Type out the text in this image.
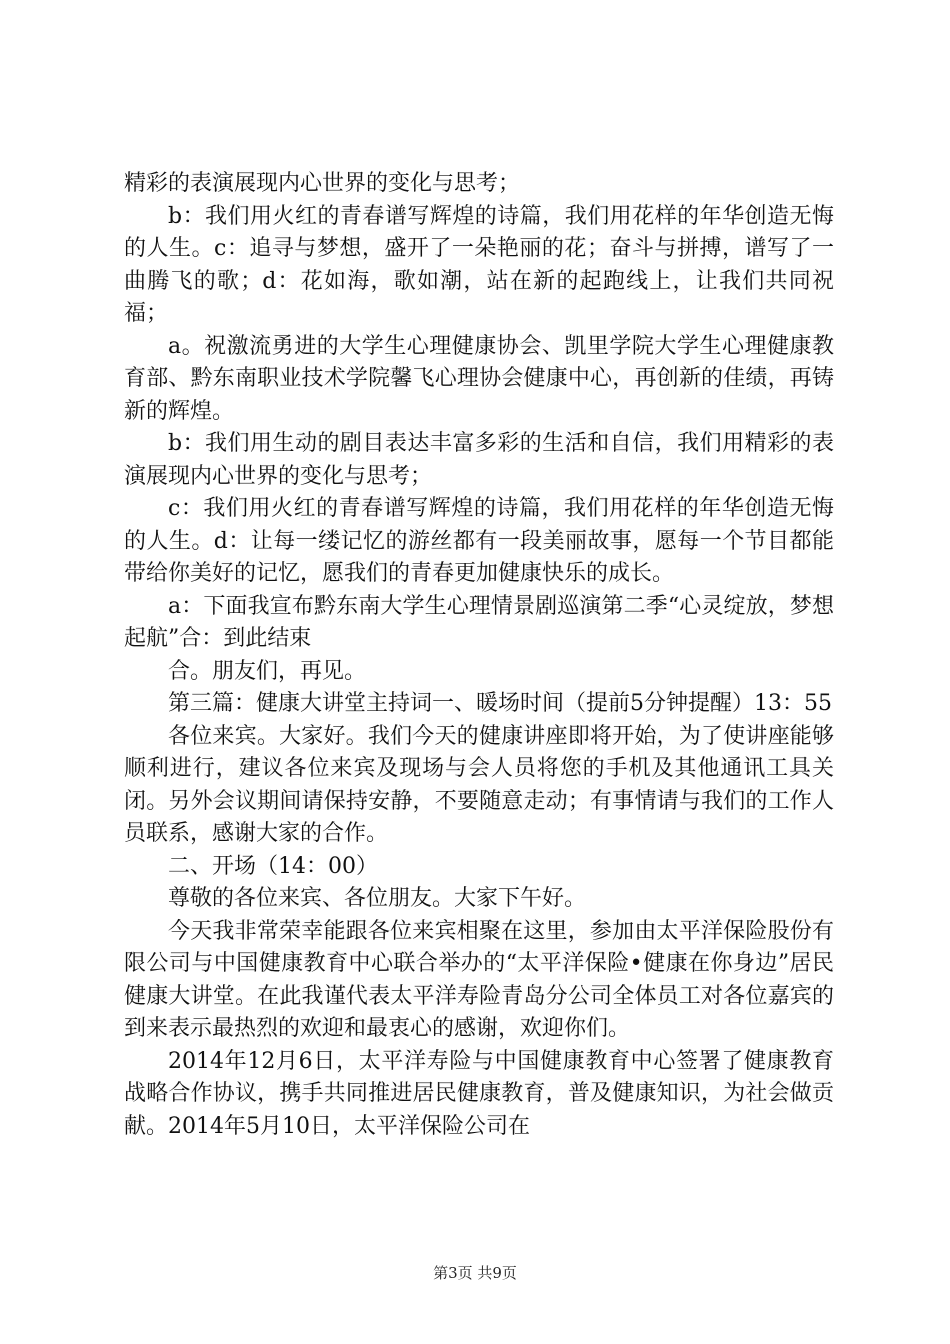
精彩的表演展现内心世界的变化与思考；

b：我们用火红的青春谱写辉煌的诗篇，我们用花样的年华创造无悔的人生。c：追寻与梦想，盛开了一朵艳丽的花；奋斗与拼搏，谱写了一曲腾飞的歌；d：花如海，歌如潮，站在新的起跑线上，让我们共同祝福；

a。祝激流勇进的大学生心理健康协会、凯里学院大学生心理健康教育部、黔东南职业技术学院馨飞心理协会健康中心，再创新的佳绩，再铸新的辉煌。

b：我们用生动的剧目表达丰富多彩的生活和自信，我们用精彩的表演展现内心世界的变化与思考；

c：我们用火红的青春谱写辉煌的诗篇，我们用花样的年华创造无悔的人生。d：让每一缕记忆的游丝都有一段美丽故事，愿每一个节目都能带给你美好的记忆，愿我们的青春更加健康快乐的成长。

a：下面我宣布黔东南大学生心理情景剧巡演第二季“心灵绽放，梦想起航”合：到此结束

合。朋友们，再见。

第三篇：健康大讲堂主持词一、暖场时间（提前5分钟提醒）13：55

各位来宾。大家好。我们今天的健康讲座即将开始，为了使讲座能够顺利进行，建议各位来宾及现场与会人员将您的手机及其他通讯工具关闭。另外会议期间请保持安静，不要随意走动；有事情请与我们的工作人员联系，感谢大家的合作。

二、开场（14：00）

尊敬的各位来宾、各位朋友。大家下午好。

今天我非常荣幸能跟各位来宾相聚在这里，参加由太平洋保险股份有限公司与中国健康教育中心联合举办的“太平洋保险•健康在你身边”居民健康大讲堂。在此我谨代表太平洋寿险青岛分公司全体员工对各位嘉宾的到来表示最热烈的欢迎和最衷心的感谢，欢迎你们。

2014年12月6日，太平洋寿险与中国健康教育中心签署了健康教育战略合作协议，携手共同推进居民健康教育，普及健康知识，为社会做贡献。2014年5月10日，太平洋保险公司在

第3页 共9页
